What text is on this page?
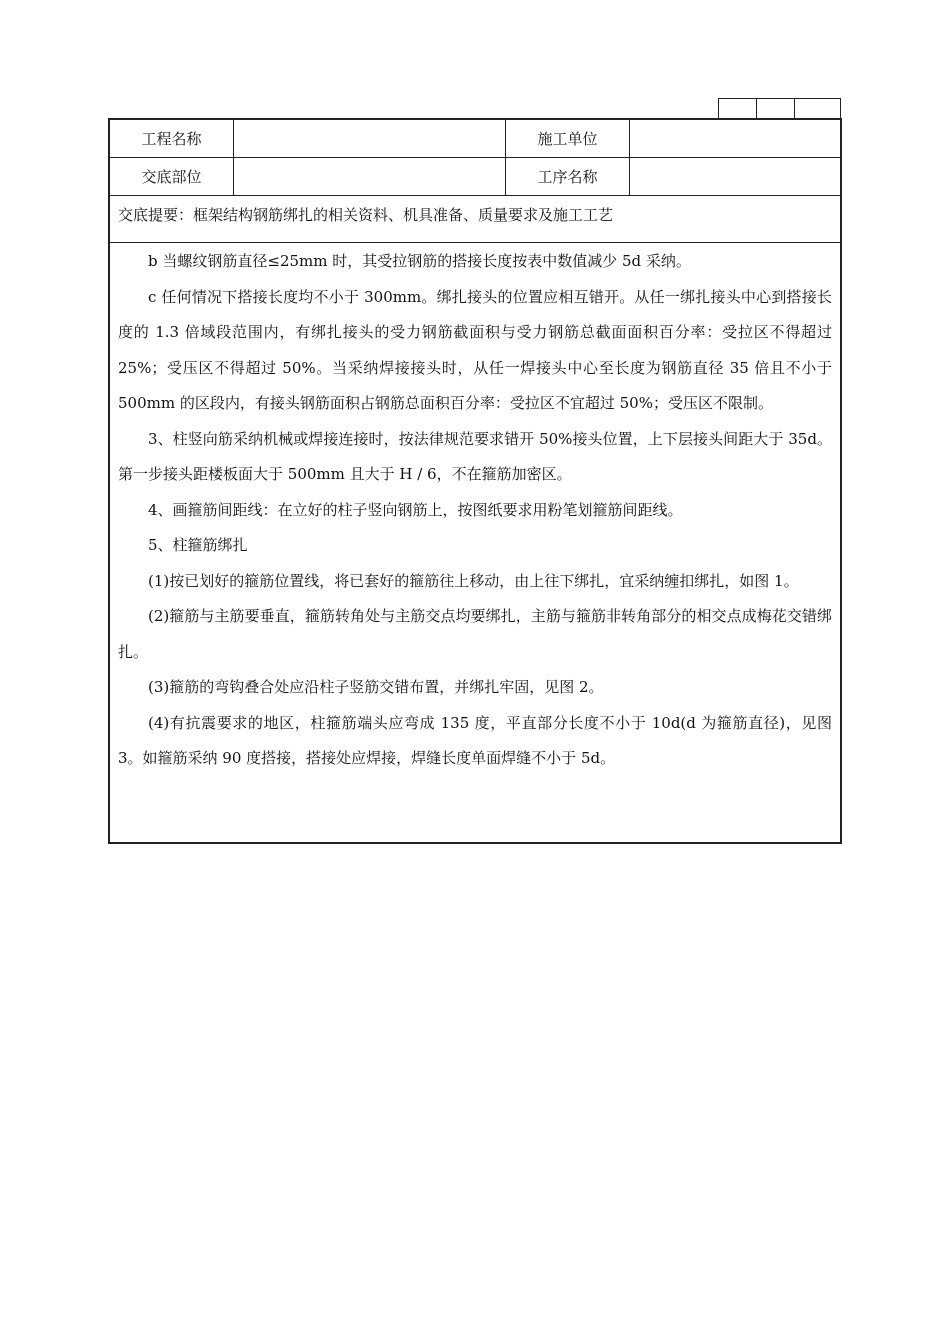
工程名称	施工单位
交底部位	工序名称
交底提要：框架结构钢筋绑扎的相关资料、机具准备、质量要求及施工工艺

b 当螺纹钢筋直径≤25mm 时，其受拉钢筋的搭接长度按表中数值减少 5d 采纳。

c 任何情况下搭接长度均不小于 300mm。绑扎接头的位置应相互错开。从任一绑扎接头中心到搭接长度的 1.3 倍域段范围内，有绑扎接头的受力钢筋截面积与受力钢筋总截面面积百分率：受拉区不得超过 25%；受压区不得超过 50%。当采纳焊接接头时，从任一焊接头中心至长度为钢筋直径 35 倍且不小于 500mm 的区段内，有接头钢筋面积占钢筋总面积百分率：受拉区不宜超过 50%；受压区不限制。

3、柱竖向筋采纳机械或焊接连接时，按法律规范要求错开 50%接头位置，上下层接头间距大于 35d。第一步接头距楼板面大于 500mm 且大于 H / 6，不在箍筋加密区。

4、画箍筋间距线：在立好的柱子竖向钢筋上，按图纸要求用粉笔划箍筋间距线。

5、柱箍筋绑扎

(1)按已划好的箍筋位置线，将已套好的箍筋往上移动，由上往下绑扎，宜采纳缠扣绑扎，如图 1。

(2)箍筋与主筋要垂直，箍筋转角处与主筋交点均要绑扎，主筋与箍筋非转角部分的相交点成梅花交错绑扎。

(3)箍筋的弯钩叠合处应沿柱子竖筋交错布置，并绑扎牢固，见图 2。

(4)有抗震要求的地区，柱箍筋端头应弯成 135 度，平直部分长度不小于 10d(d 为箍筋直径)，见图 3。如箍筋采纳 90 度搭接，搭接处应焊接，焊缝长度单面焊缝不小于 5d。
